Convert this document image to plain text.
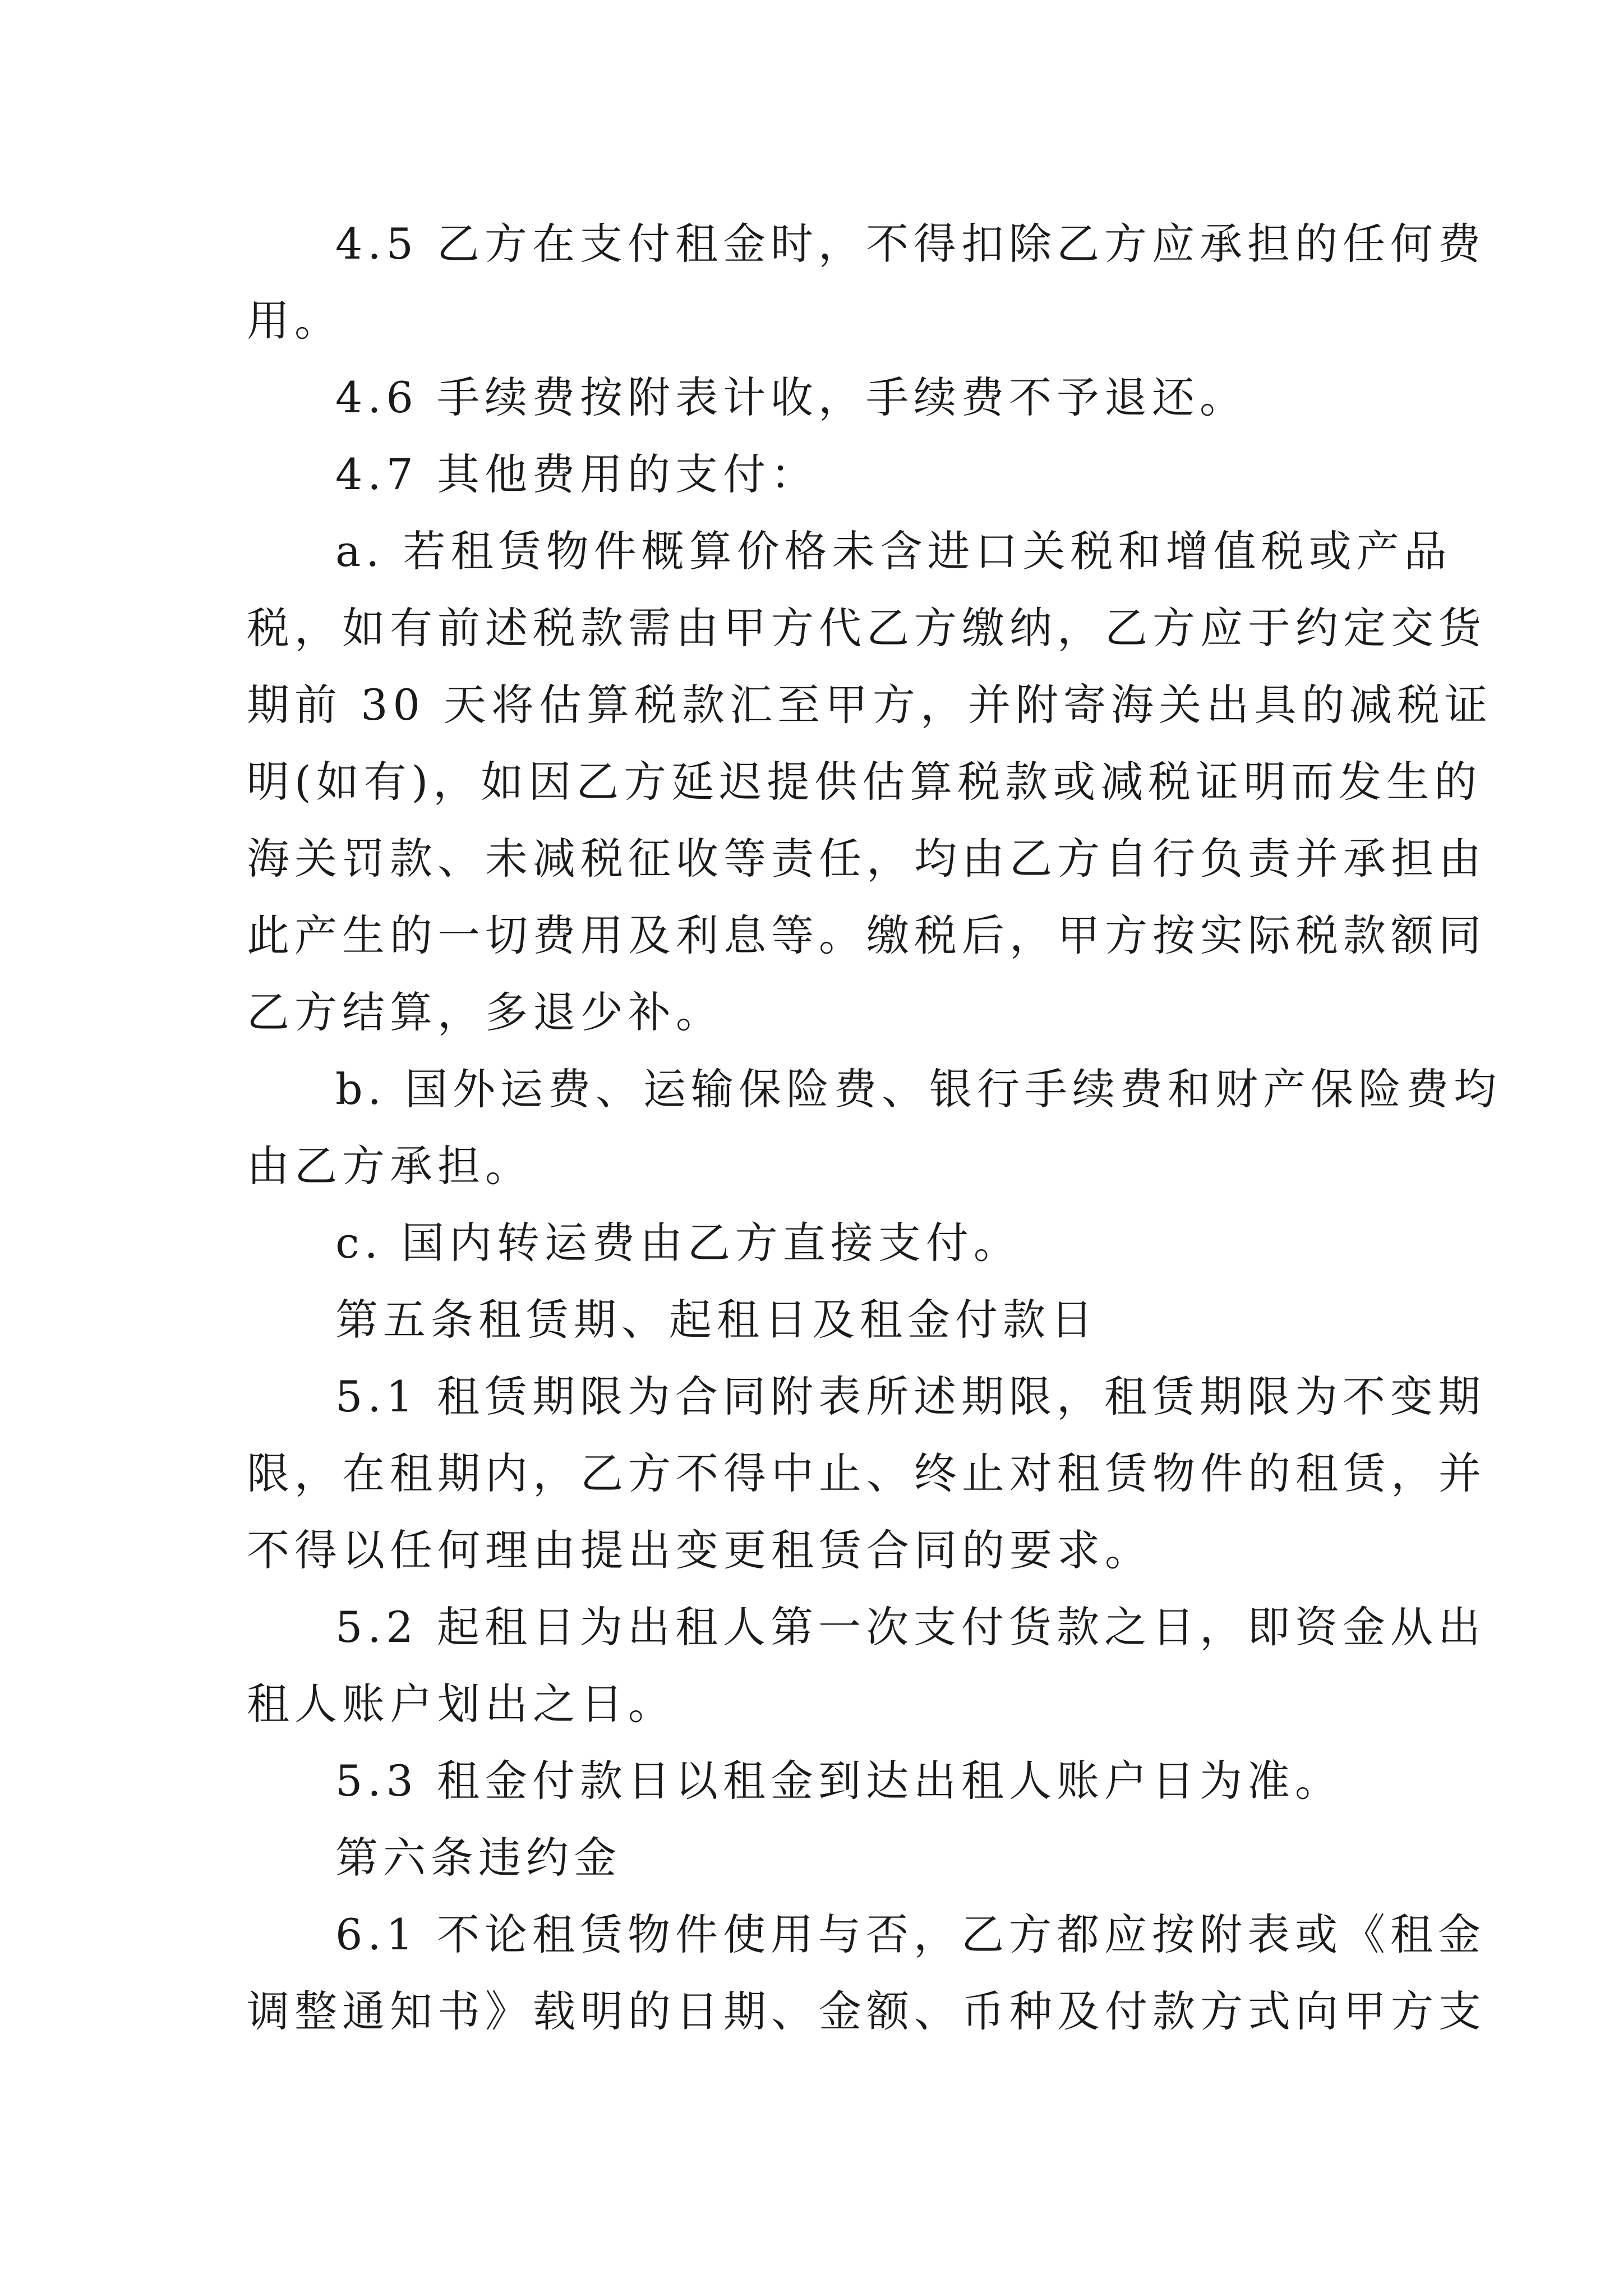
4.5 乙方在支付租金时，不得扣除乙方应承担的任何费

用。

4.6 手续费按附表计收，手续费不予退还。

4.7 其他费用的支付：

a. 若租赁物件概算价格未含进口关税和增值税或产品

税，如有前述税款需由甲方代乙方缴纳，乙方应于约定交货

期前 30 天将估算税款汇至甲方，并附寄海关出具的减税证

明(如有)，如因乙方延迟提供估算税款或减税证明而发生的

海关罚款、未减税征收等责任，均由乙方自行负责并承担由

此产生的一切费用及利息等。缴税后，甲方按实际税款额同

乙方结算，多退少补。

b. 国外运费、运输保险费、银行手续费和财产保险费均

由乙方承担。

c. 国内转运费由乙方直接支付。

第五条租赁期、起租日及租金付款日

5.1 租赁期限为合同附表所述期限，租赁期限为不变期

限，在租期内，乙方不得中止、终止对租赁物件的租赁，并

不得以任何理由提出变更租赁合同的要求。

5.2 起租日为出租人第一次支付货款之日，即资金从出

租人账户划出之日。

5.3 租金付款日以租金到达出租人账户日为准。

第六条违约金

6.1 不论租赁物件使用与否，乙方都应按附表或《租金

调整通知书》载明的日期、金额、币种及付款方式向甲方支
